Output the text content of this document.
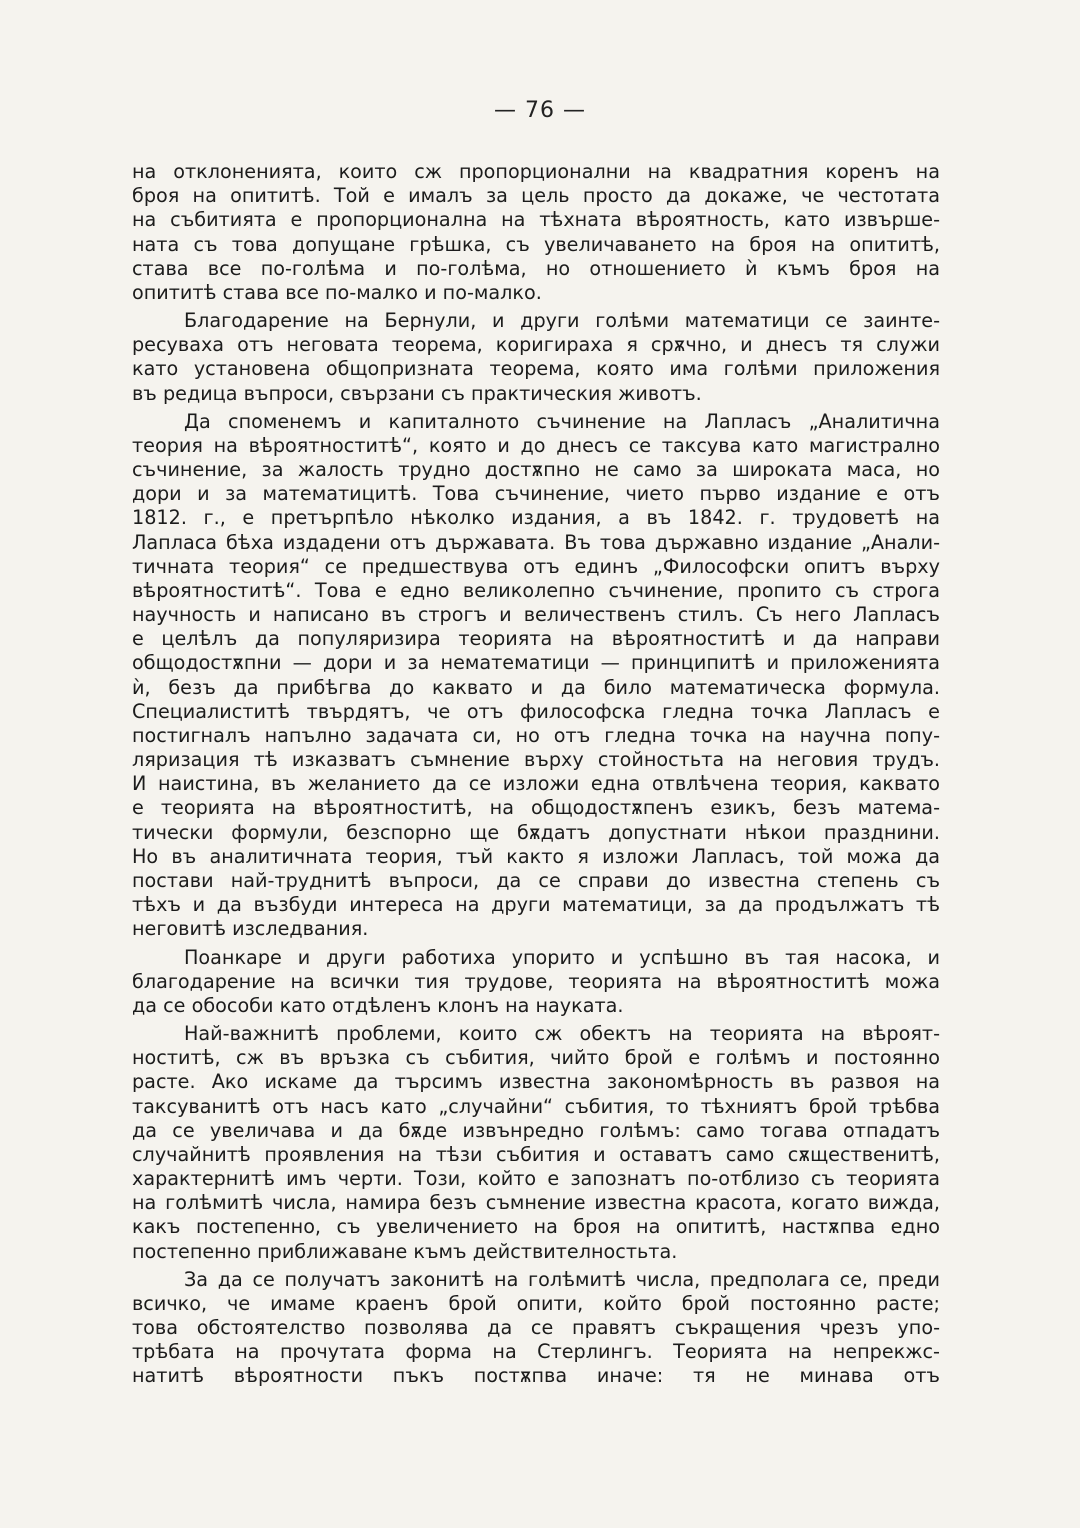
— 76 —
на отклоненията, които сж пропорционални на квадратния коренъ на
броя на опититѣ. Той е ималъ за цель просто да докаже, че честотата
на събитията е пропорционална на тѣхната вѣроятность, като извърше-
ната съ това допущане грѣшка, съ увеличаването на броя на опититѣ,
става все по-голѣма и по-голѣма, но отношението ѝ къмъ броя на
опититѣ става все по-малко и по-малко.
Благодарение на Бернули, и други голѣми математици се заинте-
ресуваха отъ неговата теорема, коригираха я срѫчно, и днесъ тя служи
като установена общопризната теорема, която има голѣми приложения
въ редица въпроси, свързани съ практическия животъ.
Да споменемъ и капиталното съчинение на Лапласъ „Аналитична
теория на вѣроятноститѣ“, която и до днесъ се таксува като магистрално
съчинение, за жалость трудно достѫпно не само за широката маса, но
дори и за математицитѣ. Това съчинение, чието първо издание е отъ
1812. г., е претърпѣло нѣколко издания, а въ 1842. г. трудоветѣ на
Лапласа бѣха издадени отъ държавата. Въ това държавно издание „Анали-
тичната теория“ се предшествува отъ единъ „Философски опитъ върху
вѣроятноститѣ“. Това е едно великолепно съчинение, пропито съ строга
научность и написано въ строгъ и величественъ стилъ. Съ него Лапласъ
е целѣлъ да популяризира теорията на вѣроятноститѣ и да направи
общодостѫпни — дори и за нематематици — принципитѣ и приложенията
ѝ, безъ да прибѣгва до каквато и да било математическа формула.
Специалиститѣ твърдятъ, че отъ философска гледна точка Лапласъ е
постигналъ напълно задачата си, но отъ гледна точка на научна попу-
ляризация тѣ изказватъ съмнение върху стойностьта на неговия трудъ.
И наистина, въ желанието да се изложи една отвлѣчена теория, каквато
е теорията на вѣроятноститѣ, на общодостѫпенъ езикъ, безъ матема-
тически формули, безспорно ще бѫдатъ допустнати нѣкои празднини.
Но въ аналитичната теория, тъй както я изложи Лапласъ, той можа да
постави най-труднитѣ въпроси, да се справи до известна степень съ
тѣхъ и да възбуди интереса на други математици, за да продължатъ тѣ
неговитѣ изследвания.
Поанкаре и други работиха упорито и успѣшно въ тая насока, и
благодарение на всички тия трудове, теорията на вѣроятноститѣ можа
да се обособи като отдѣленъ клонъ на науката.
Най-важнитѣ проблеми, които сж обектъ на теорията на вѣроят-
ноститѣ, сж въ връзка съ събития, чийто брой е голѣмъ и постоянно
расте. Ако искаме да търсимъ известна закономѣрность въ развоя на
таксуванитѣ отъ насъ като „случайни“ събития, то тѣхниятъ брой трѣбва
да се увеличава и да бѫде извънредно голѣмъ: само тогава отпадатъ
случайнитѣ проявления на тѣзи събития и оставатъ само сѫщественитѣ,
характернитѣ имъ черти. Този, който е запознатъ по-отблизо съ теорията
на голѣмитѣ числа, намира безъ съмнение известна красота, когато вижда,
какъ постепенно, съ увеличението на броя на опититѣ, настѫпва едно
постепенно приближаване къмъ действителностьта.
За да се получатъ законитѣ на голѣмитѣ числа, предполага се, преди
всичко, че имаме краенъ брой опити, който брой постоянно расте;
това обстоятелство позволява да се правятъ съкращения чрезъ упо-
трѣбата на прочутата форма на Стерлингъ. Теорията на непрекжс-
натитѣ вѣроятности пъкъ постѫпва иначе: тя не минава отъ
